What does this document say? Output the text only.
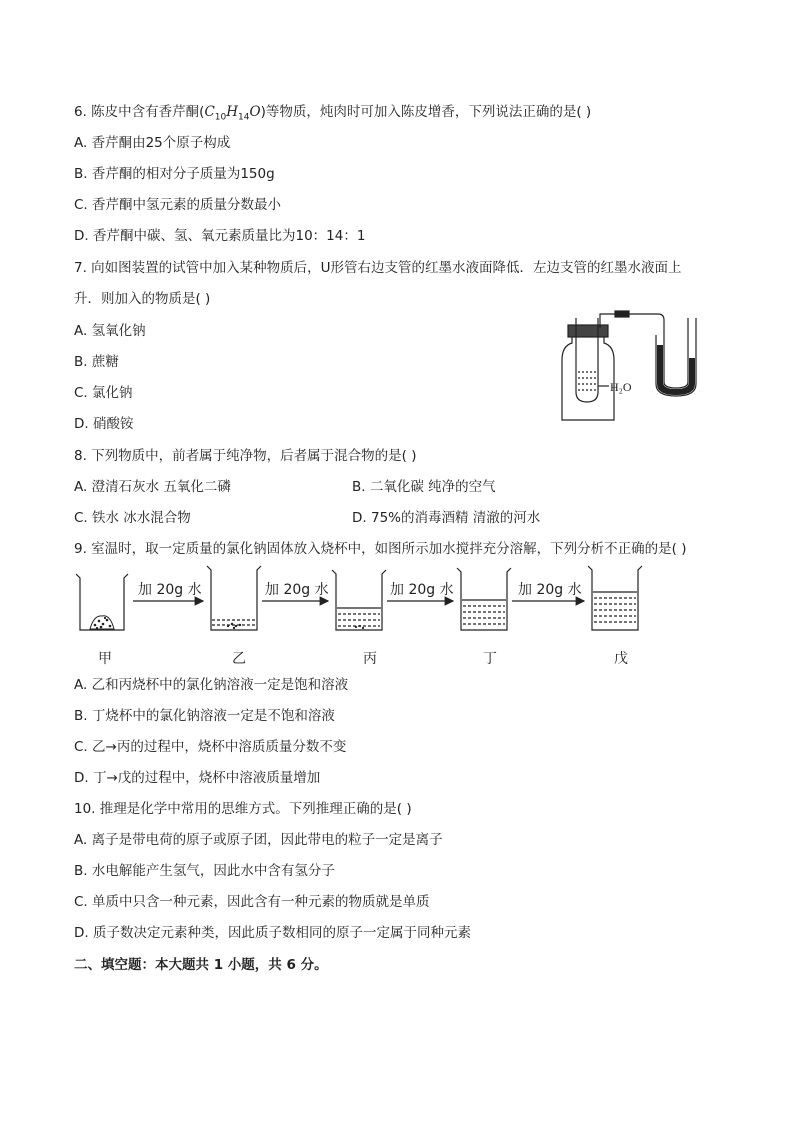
6. 陈皮中含有香芹酮$(C_{10}H_{14}O)$等物质，炖肉时可加入陈皮增香，下列说法正确的是( )
A. 香芹酮由25个原子构成
B. 香芹酮的相对分子质量为150g
C. 香芹酮中氢元素的质量分数最小
D. 香芹酮中碳、氢、氧元素质量比为10：14：1
7. 向如图装置的试管中加入某种物质后，U形管右边支管的红墨水液面降低．左边支管的红墨水液面上
升．则加入的物质是( )
A. 氢氧化钠
B. 蔗糖
C. 氯化钠
D. 硝酸铵
H₂O
8. 下列物质中，前者属于纯净物，后者属于混合物的是( )
A. 澄清石灰水 五氧化二磷	B. 二氧化碳 纯净的空气
C. 铁水 冰水混合物	D. 75%的消毒酒精 清澈的河水
9. 室温时，取一定质量的氯化钠固体放入烧杯中，如图所示加水搅拌充分溶解，下列分析不正确的是( )
加 20g 水	加 20g 水	加 20g 水	加 20g 水
甲	乙	丙	丁	戊
A. 乙和丙烧杯中的氯化钠溶液一定是饱和溶液
B. 丁烧杯中的氯化钠溶液一定是不饱和溶液
C. 乙→丙的过程中，烧杯中溶质质量分数不变
D. 丁→戊的过程中，烧杯中溶液质量增加
10. 推理是化学中常用的思维方式。下列推理正确的是( )
A. 离子是带电荷的原子或原子团，因此带电的粒子一定是离子
B. 水电解能产生氢气，因此水中含有氢分子
C. 单质中只含一种元素，因此含有一种元素的物质就是单质
D. 质子数决定元素种类，因此质子数相同的原子一定属于同种元素
二、填空题：本大题共 1 小题，共 6 分。
